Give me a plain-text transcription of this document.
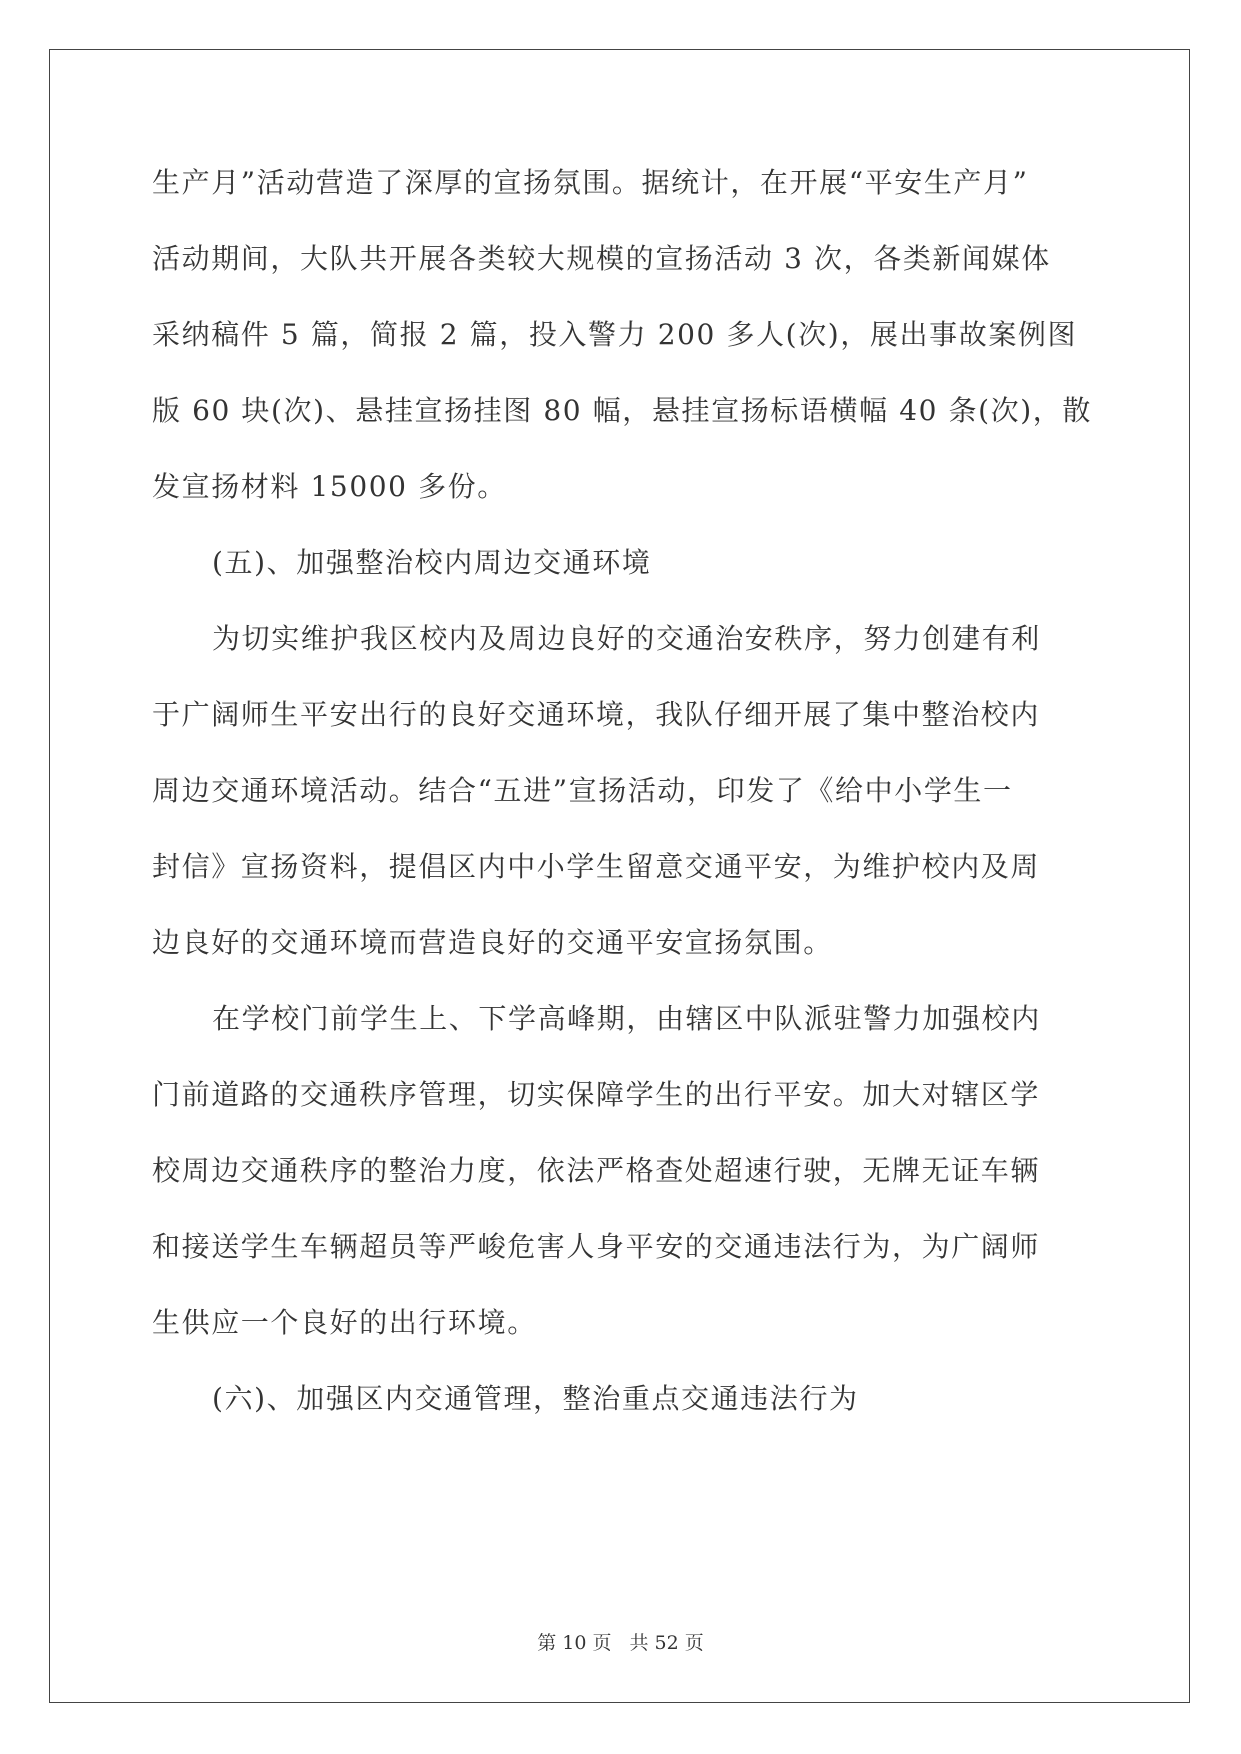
生产月”活动营造了深厚的宣扬氛围。据统计，在开展“平安生产月”
活动期间，大队共开展各类较大规模的宣扬活动 3 次，各类新闻媒体
采纳稿件 5 篇，简报 2 篇，投入警力 200 多人(次)，展出事故案例图
版 60 块(次)、悬挂宣扬挂图 80 幅，悬挂宣扬标语横幅 40 条(次)，散
发宣扬材料 15000 多份。
(五)、加强整治校内周边交通环境
为切实维护我区校内及周边良好的交通治安秩序，努力创建有利
于广阔师生平安出行的良好交通环境，我队仔细开展了集中整治校内
周边交通环境活动。结合“五进”宣扬活动，印发了《给中小学生一
封信》宣扬资料，提倡区内中小学生留意交通平安，为维护校内及周
边良好的交通环境而营造良好的交通平安宣扬氛围。
在学校门前学生上、下学高峰期，由辖区中队派驻警力加强校内
门前道路的交通秩序管理，切实保障学生的出行平安。加大对辖区学
校周边交通秩序的整治力度，依法严格查处超速行驶，无牌无证车辆
和接送学生车辆超员等严峻危害人身平安的交通违法行为，为广阔师
生供应一个良好的出行环境。
(六)、加强区内交通管理，整治重点交通违法行为
第 10 页 共 52 页
